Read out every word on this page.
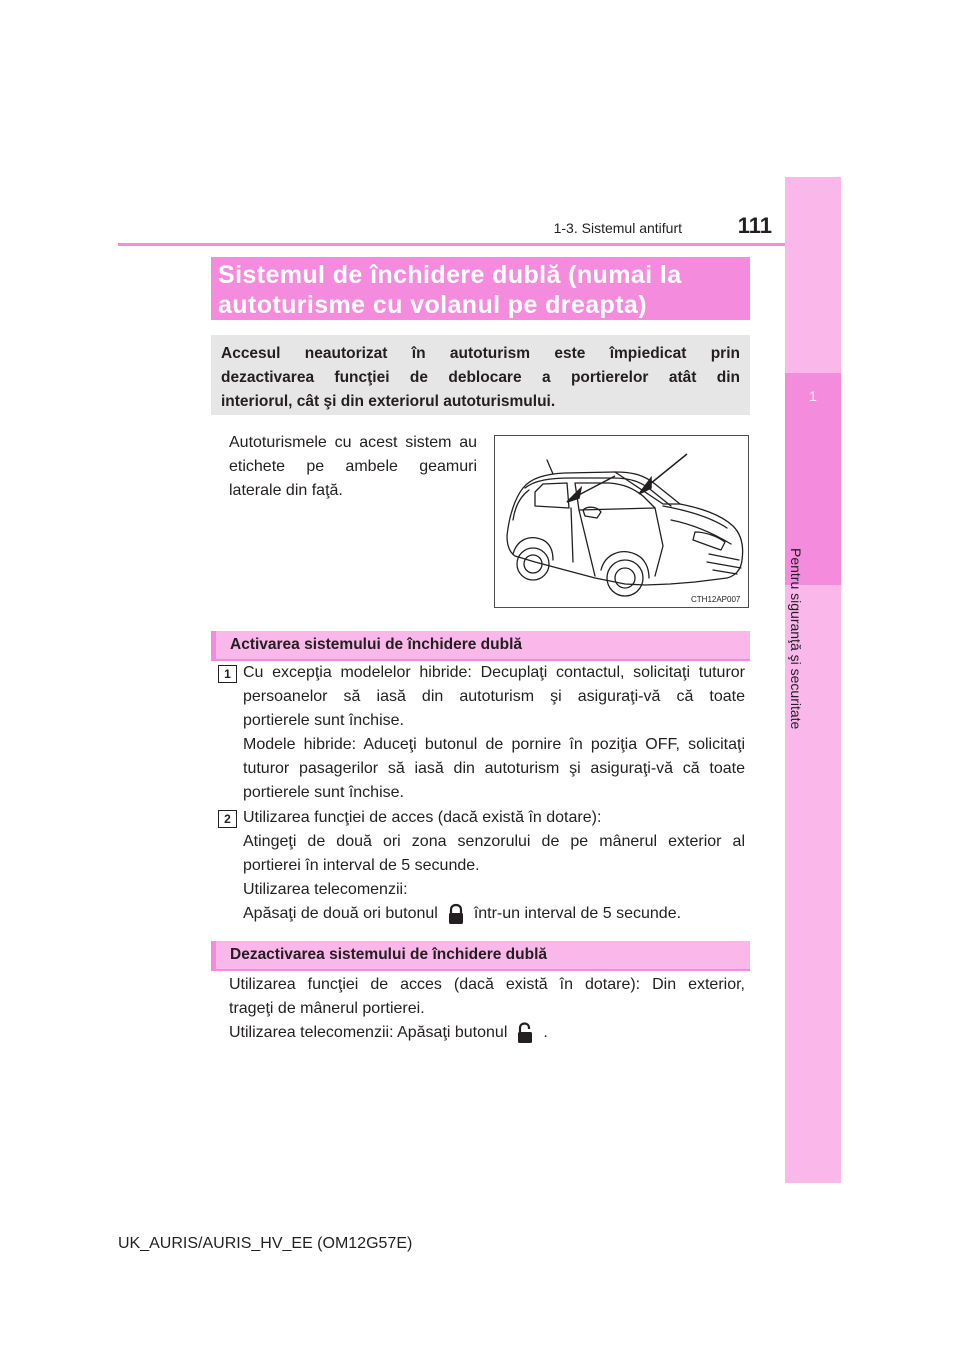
1-3. Sistemul antifurt	111
1
Pentru siguranţă şi securitate
Sistemul de închidere dublă (numai la
autoturisme cu volanul pe dreapta)
Accesul neautorizat în autoturism este împiedicat prin
dezactivarea funcţiei de deblocare a portierelor atât din
interiorul, cât şi din exteriorul autoturismului.
Autoturismele cu acest sistem au
etichete pe ambele geamuri
laterale din faţă.
CTH12AP007
Activarea sistemului de închidere dublă
1 Cu excepţia modelelor hibride: Decuplaţi contactul, solicitaţi tuturor
persoanelor să iasă din autoturism şi asiguraţi-vă că toate
portierele sunt închise.
Modele hibride: Aduceţi butonul de pornire în poziţia OFF, solicitaţi
tuturor pasagerilor să iasă din autoturism şi asiguraţi-vă că toate
portierele sunt închise.
2 Utilizarea funcţiei de acces (dacă există în dotare):
Atingeţi de două ori zona senzorului de pe mânerul exterior al
portierei în interval de 5 secunde.
Utilizarea telecomenzii:
Apăsaţi de două ori butonul într-un interval de 5 secunde.
Dezactivarea sistemului de închidere dublă
Utilizarea funcţiei de acces (dacă există în dotare): Din exterior,
trageţi de mânerul portierei.
Utilizarea telecomenzii: Apăsaţi butonul .
UK_AURIS/AURIS_HV_EE (OM12G57E)
